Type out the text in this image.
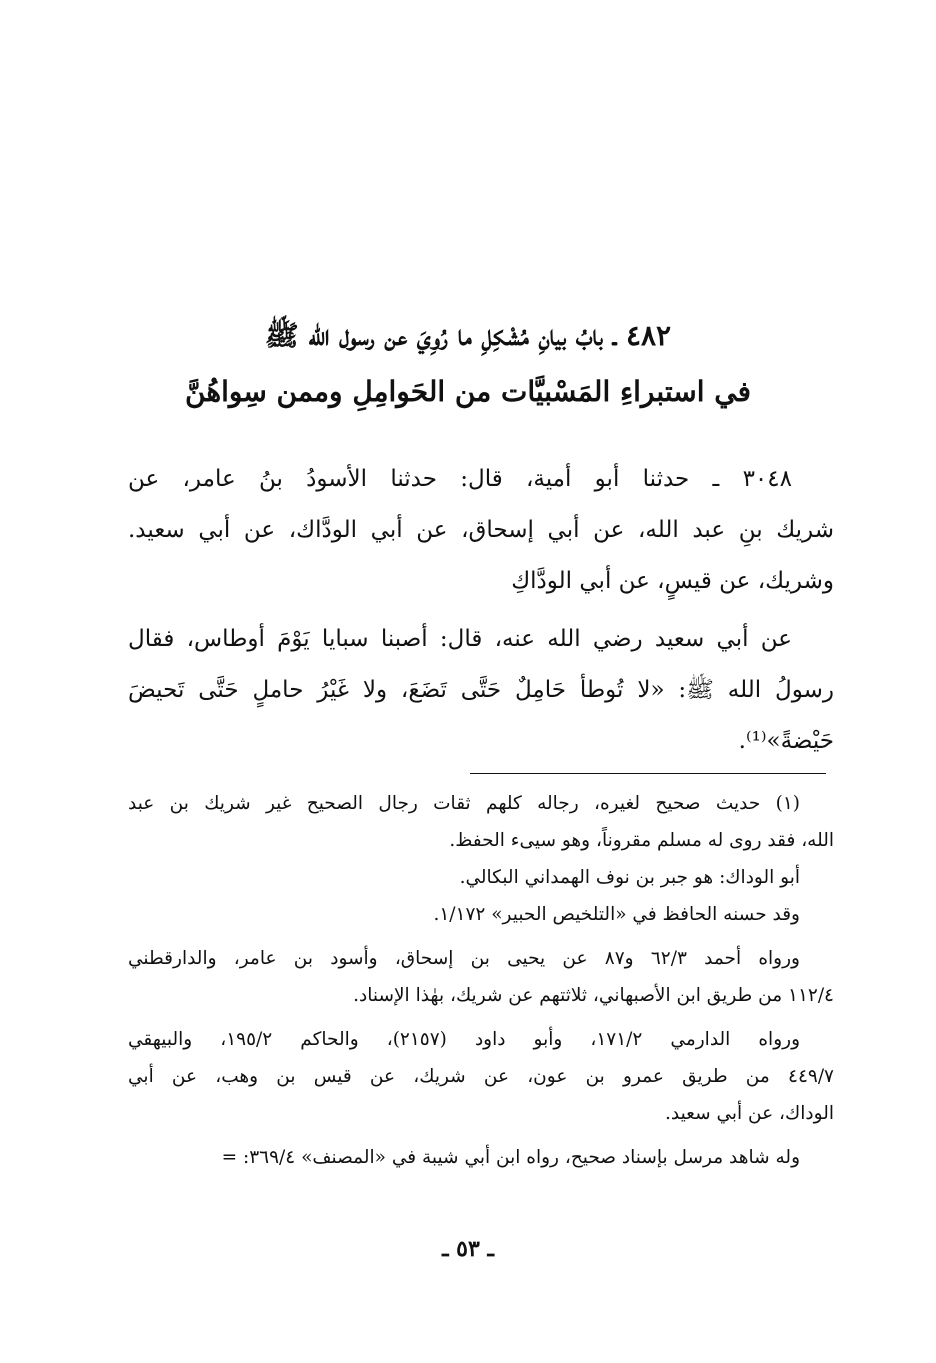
٤٨٢ ـ بابُ بيانِ مُشْكِلِ ما رُوِيَ عن رسول الله ﷺ
في استبراءِ المَسْبيَّات من الحَوامِلِ وممن سِواهُنَّ
٣٠٤٨ ـ حدثنا أبو أمية، قال: حدثنا الأسودُ بنُ عامر، عن
شريك بنِ عبد الله، عن أبي إسحاق، عن أبي الودَّاك، عن أبي سعيد.
وشريك، عن قيسٍ، عن أبي الودَّاكِ
عن أبي سعيد رضي الله عنه، قال: أصبنا سبايا يَوْمَ أوطاس، فقال
رسولُ الله ﷺ: «لا تُوطأ حَامِلٌ حَتَّى تَضَعَ، ولا غَيْرُ حاملٍ حَتَّى تَحيضَ
حَيْضةً»⁽¹⁾.
(١) حديث صحيح لغيره، رجاله كلهم ثقات رجال الصحيح غير شريك بن عبد
الله، فقد روى له مسلم مقروناً، وهو سيىء الحفظ.
أبو الوداك: هو جبر بن نوف الهمداني البكالي.
وقد حسنه الحافظ في «التلخيص الحبير» ١/١٧٢.
ورواه أحمد ٦٢/٣ و٨٧ عن يحيى بن إسحاق، وأسود بن عامر، والدارقطني
١١٢/٤ من طريق ابن الأصبهاني، ثلاثتهم عن شريك، بهٰذا الإسناد.
ورواه الدارمي ١٧١/٢، وأبو داود (٢١٥٧)، والحاكم ١٩٥/٢، والبيهقي
٤٤٩/٧ من طريق عمرو بن عون، عن شريك، عن قيس بن وهب، عن أبي
الوداك، عن أبي سعيد.
وله شاهد مرسل بإسناد صحيح، رواه ابن أبي شيبة في «المصنف» ٣٦٩/٤: =
ـ ٥٣ ـ
